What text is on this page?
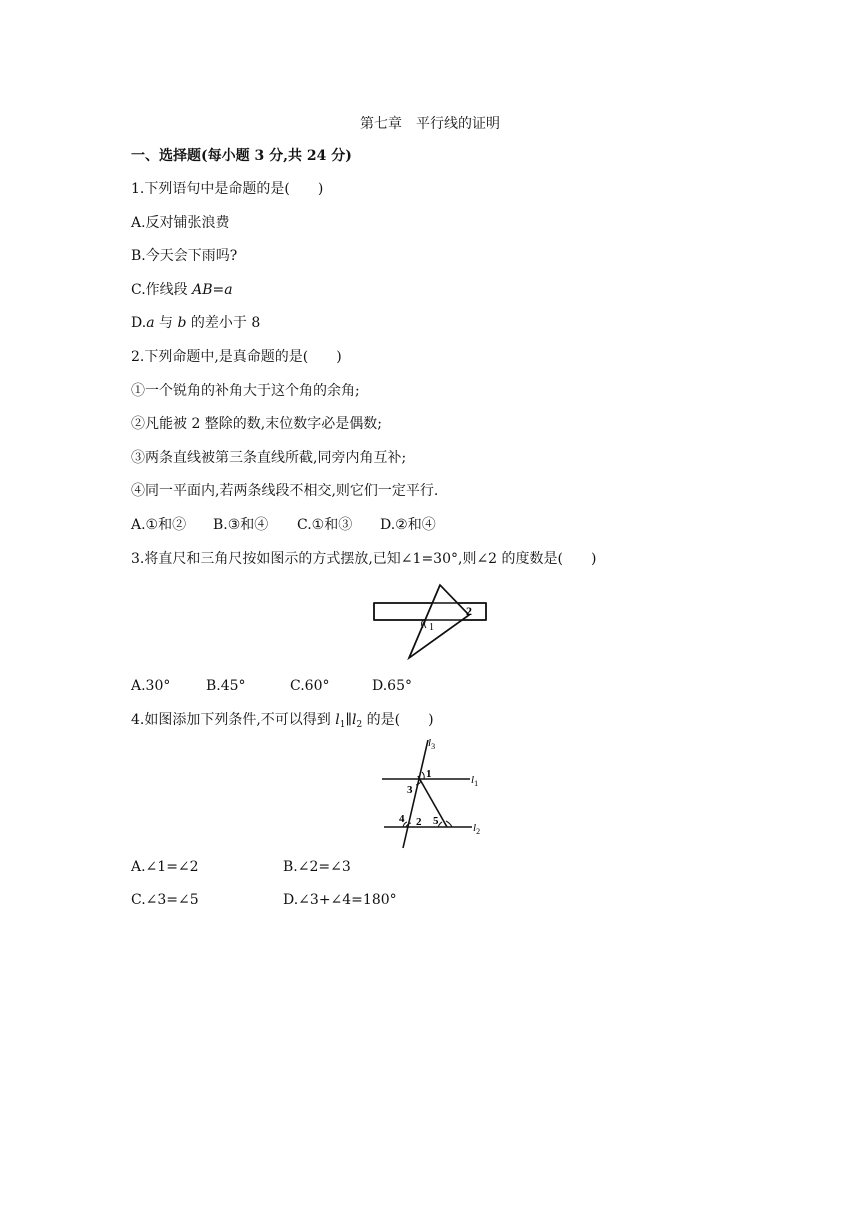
第七章　平行线的证明
一、选择题(每小题 3 分,共 24 分)
1.下列语句中是命题的是(　　)
A.反对铺张浪费
B.今天会下雨吗?
C.作线段 AB=a
D.a 与 b 的差小于 8
2.下列命题中,是真命题的是(　　)
①一个锐角的补角大于这个角的余角;
②凡能被 2 整除的数,末位数字必是偶数;
③两条直线被第三条直线所截,同旁内角互补;
④同一平面内,若两条线段不相交,则它们一定平行.
A.①和② B.③和④ C.①和③ D.②和④
3.将直尺和三角尺按如图示的方式摆放,已知∠1=30°,则∠2 的度数是(　　)
1
2
A.30°	B.45°	C.60°	D.65°
4.如图添加下列条件,不可以得到 $l_1\parallel l_2$ 的是(　　)
$l_3$
$l_1$
$l_2$
1
3
4 2 5
A.∠1=∠2	B.∠2=∠3
C.∠3=∠5	D.∠3+∠4=180°
